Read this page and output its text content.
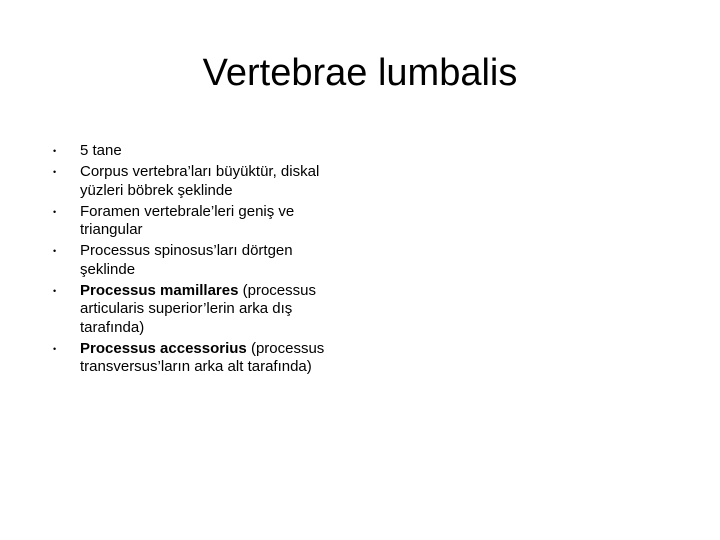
Vertebrae lumbalis
• 5 tane
• Corpus vertebra’ları büyüktür, diskal yüzleri böbrek şeklinde
• Foramen vertebrale’leri geniş ve triangular
• Processus spinosus’ları dörtgen şeklinde
• Processus mamillares (processus articularis superior’lerin arka dış tarafında)
• Processus accessorius (processus transversus’ların arka alt tarafında)
